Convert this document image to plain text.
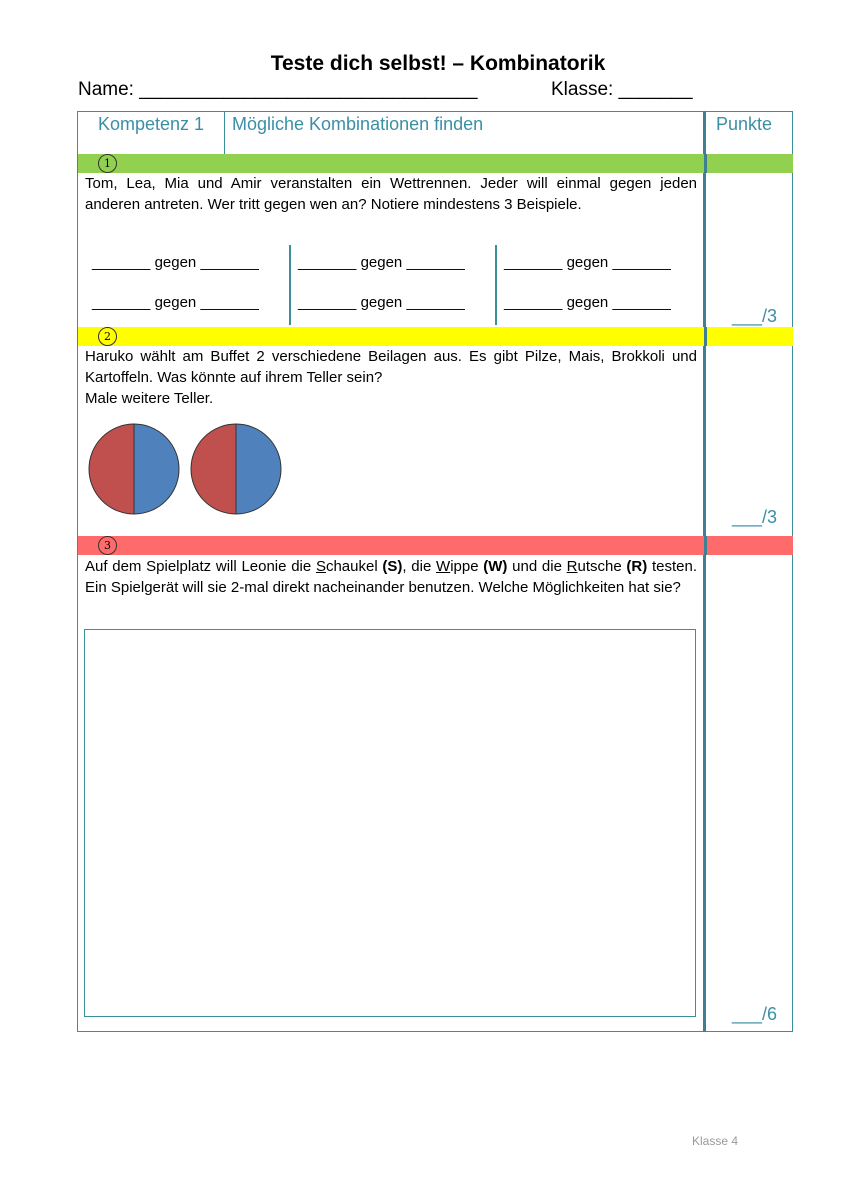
Teste dich selbst! – Kombinatorik
Name: ________________________________	Klasse: _______
Kompetenz 1 Mögliche Kombinationen finden	Punkte
1
Tom, Lea, Mia und Amir veranstalten ein Wettrennen. Jeder will einmal gegen jeden anderen antreten. Wer tritt gegen wen an? Notiere mindestens 3 Beispiele.
_______ gegen _______	_______ gegen _______	_______ gegen _______
_______ gegen _______	_______ gegen _______	_______ gegen _______
___/3
2
Haruko wählt am Buffet 2 verschiedene Beilagen aus. Es gibt Pilze, Mais, Brokkoli und Kartoffeln. Was könnte auf ihrem Teller sein?
Male weitere Teller.
___/3
3
Auf dem Spielplatz will Leonie die Schaukel (S), die Wippe (W) und die Rutsche (R) testen. Ein Spielgerät will sie 2-mal direkt nacheinander benutzen. Welche Möglichkeiten hat sie?
___/6
Klasse 4
